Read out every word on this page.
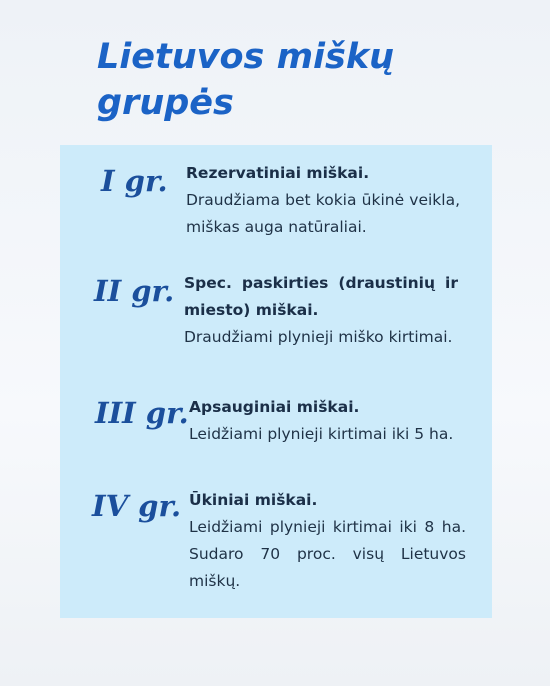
Lietuvos miškų grupės
I gr. Rezervatiniai miškai.
Draudžiama bet kokia ūkinė veikla, miškas auga natūraliai.
II gr. Spec. paskirties (draustinių ir miesto) miškai.
Draudžiami plynieji miško kirtimai.
III gr. Apsauginiai miškai.
Leidžiami plynieji kirtimai iki 5 ha.
IV gr. Ūkiniai miškai.
Leidžiami plynieji kirtimai iki 8 ha. Sudaro 70 proc. visų Lietuvos miškų.
